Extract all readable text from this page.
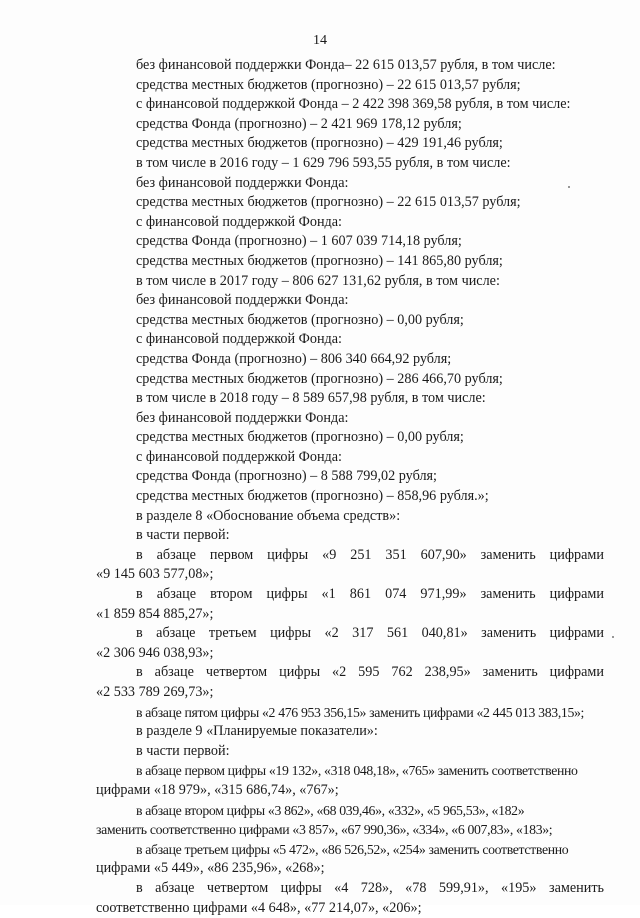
14
без финансовой поддержки Фонда– 22 615 013,57 рубля, в том числе:
средства местных бюджетов (прогнозно) – 22 615 013,57 рубля;
с финансовой поддержкой Фонда – 2 422 398 369,58 рубля, в том числе:
средства Фонда (прогнозно) – 2 421 969 178,12 рубля;
средства местных бюджетов (прогнозно) – 429 191,46 рубля;
в том числе в 2016 году – 1 629 796 593,55 рубля, в том числе:
без финансовой поддержки Фонда:
средства местных бюджетов (прогнозно) – 22 615 013,57 рубля;
с финансовой поддержкой Фонда:
средства Фонда (прогнозно) – 1 607 039 714,18 рубля;
средства местных бюджетов (прогнозно) – 141 865,80 рубля;
в том числе в 2017 году – 806 627 131,62 рубля, в том числе:
без финансовой поддержки Фонда:
средства местных бюджетов (прогнозно) – 0,00 рубля;
с финансовой поддержкой Фонда:
средства Фонда (прогнозно) – 806 340 664,92 рубля;
средства местных бюджетов (прогнозно) – 286 466,70 рубля;
в том числе в 2018 году – 8 589 657,98 рубля, в том числе:
без финансовой поддержки Фонда:
средства местных бюджетов (прогнозно) – 0,00 рубля;
с финансовой поддержкой Фонда:
средства Фонда (прогнозно) – 8 588 799,02 рубля;
средства местных бюджетов (прогнозно) – 858,96 рубля.»;
в разделе 8 «Обоснование объема средств»:
в части первой:
в абзаце первом цифры «9 251 351 607,90» заменить цифрами
«9 145 603 577,08»;
в абзаце втором цифры «1 861 074 971,99» заменить цифрами
«1 859 854 885,27»;
в абзаце третьем цифры «2 317 561 040,81» заменить цифрами
«2 306 946 038,93»;
в абзаце четвертом цифры «2 595 762 238,95» заменить цифрами
«2 533 789 269,73»;
в абзаце пятом цифры «2 476 953 356,15» заменить цифрами «2 445 013 383,15»;
в разделе 9 «Планируемые показатели»:
в части первой:
в абзаце первом цифры «19 132», «318 048,18», «765» заменить соответственно
цифрами «18 979», «315 686,74», «767»;
в абзаце втором цифры «3 862», «68 039,46», «332», «5 965,53», «182»
заменить соответственно цифрами «3 857», «67 990,36», «334», «6 007,83», «183»;
в абзаце третьем цифры «5 472», «86 526,52», «254» заменить соответственно
цифрами «5 449», «86 235,96», «268»;
в абзаце четвертом цифры «4 728», «78 599,91», «195» заменить
соответственно цифрами «4 648», «77 214,07», «206»;
